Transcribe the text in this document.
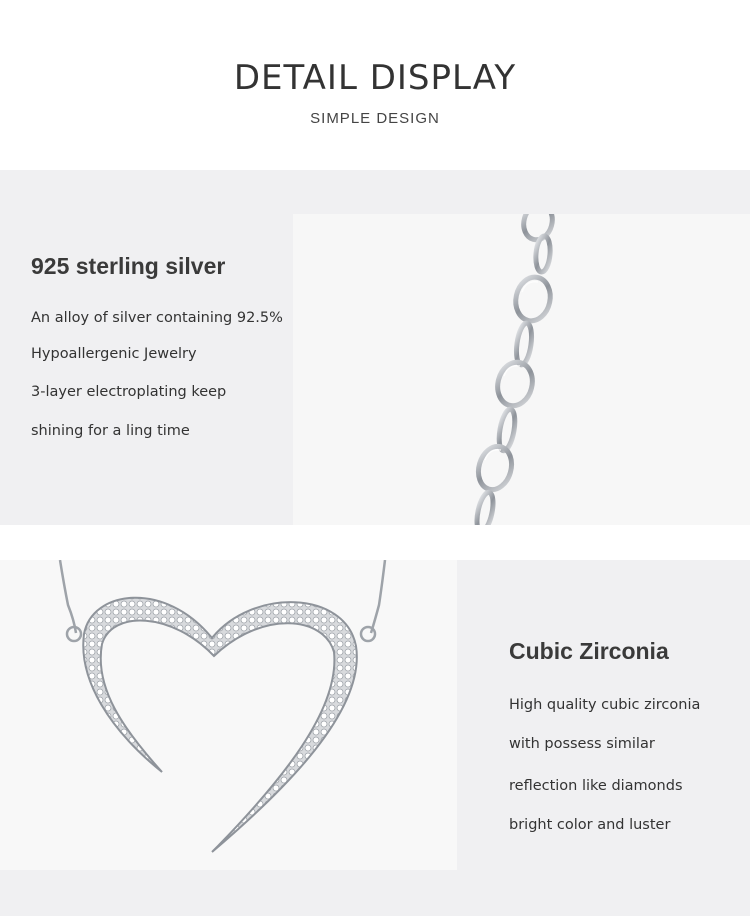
DETAIL DISPLAY
SIMPLE DESIGN
925 sterling silver
An alloy of silver containing 92.5%
Hypoallergenic Jewelry
3-layer electroplating keep
shining for a ling time
Cubic Zirconia
High quality cubic zirconia
with possess similar
reflection like diamonds
bright color and luster
